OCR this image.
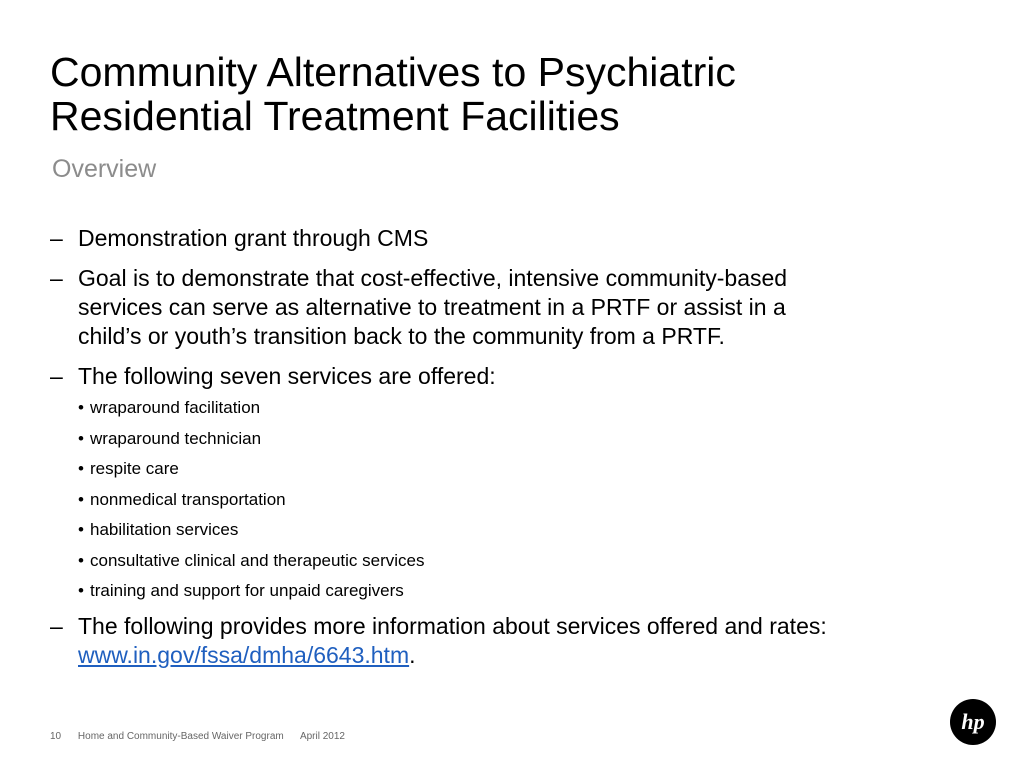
Community Alternatives to Psychiatric
Residential Treatment Facilities
Overview
– Demonstration grant through CMS
– Goal is to demonstrate that cost-effective, intensive community-based
services can serve as alternative to treatment in a PRTF or assist in a
child’s or youth’s transition back to the community from a PRTF.
– The following seven services are offered:
• wraparound facilitation
• wraparound technician
• respite care
• nonmedical transportation
• habilitation services
• consultative clinical and therapeutic services
• training and support for unpaid caregivers
– The following provides more information about services offered and rates:
www.in.gov/fssa/dmha/6643.htm.
10 Home and Community-Based Waiver Program April 2012
hp
